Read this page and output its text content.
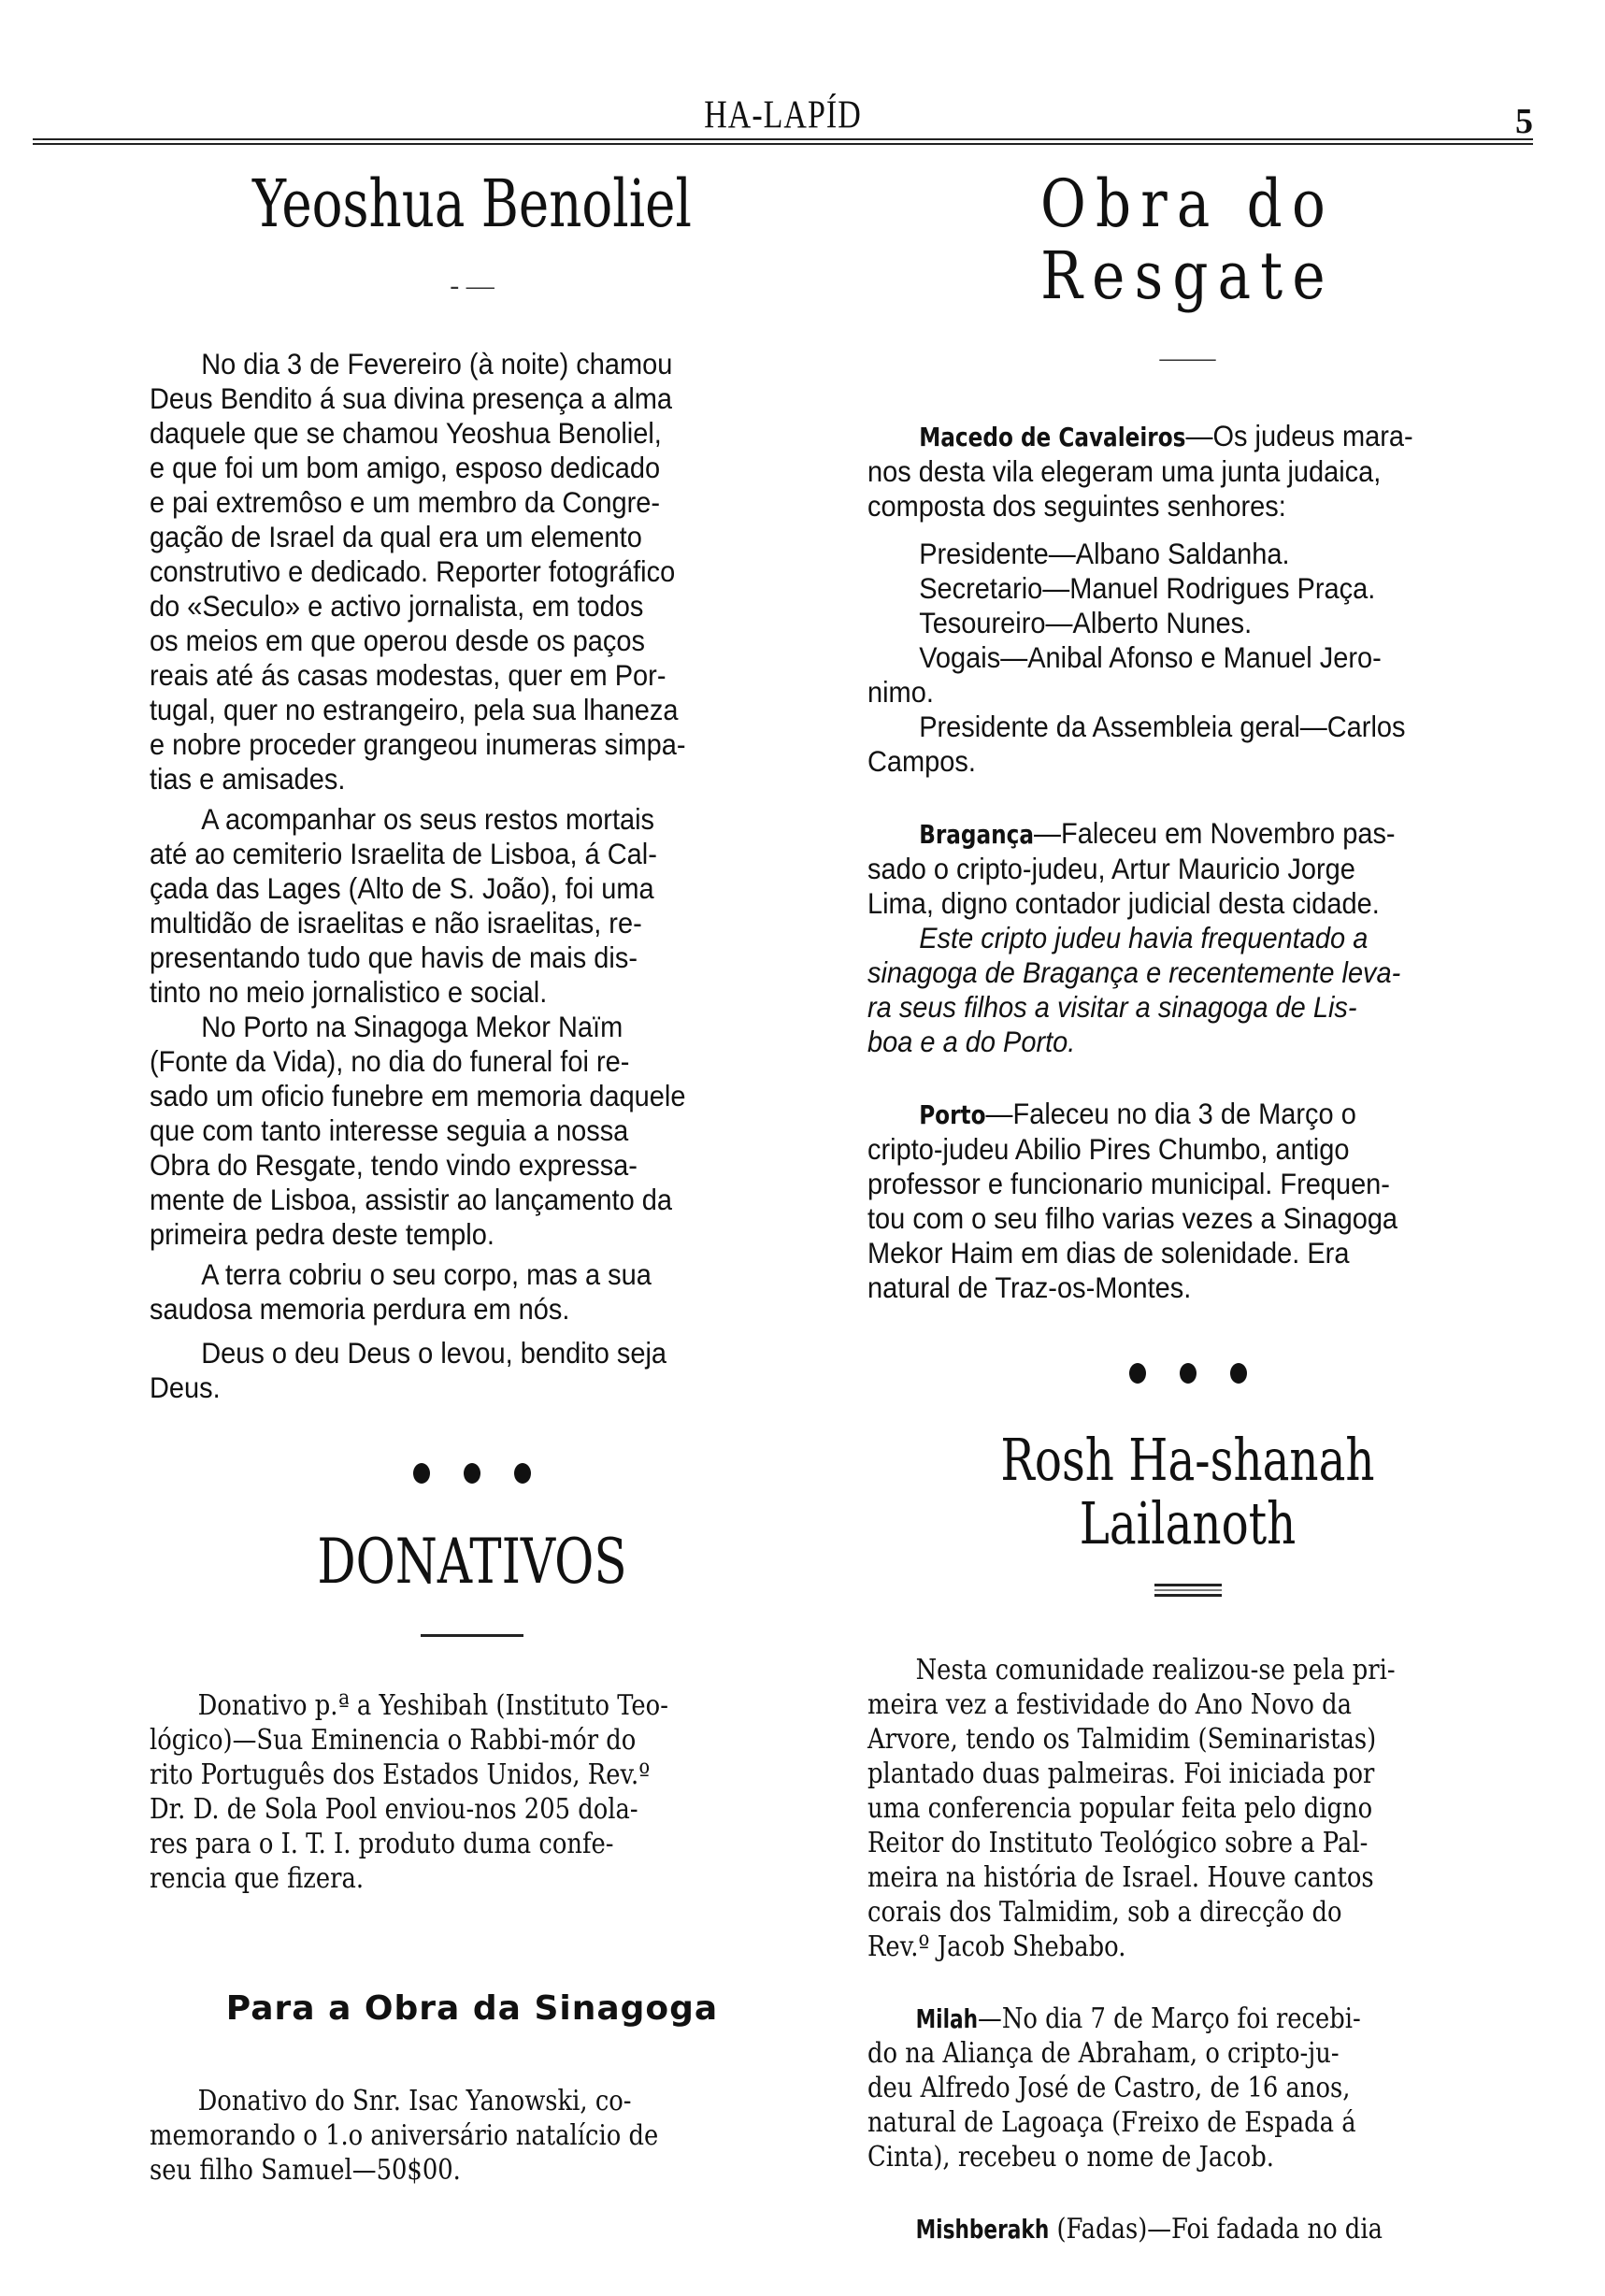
HA-LAPÍD	5
Yeoshua Benoliel
- —

No dia 3 de Fevereiro (à noite) chamou
Deus Bendito á sua divina presença a alma
daquele que se chamou Yeoshua Benoliel,
e que foi um bom amigo, esposo dedicado
e pai extremôso e um membro da Congre-
gação de Israel da qual era um elemento
construtivo e dedicado. Reporter fotográfico
do «Seculo» e activo jornalista, em todos
os meios em que operou desde os paços
reais até ás casas modestas, quer em Por-
tugal, quer no estrangeiro, pela sua lhaneza
e nobre proceder grangeou inumeras simpa-
tias e amisades.

A acompanhar os seus restos mortais
até ao cemiterio Israelita de Lisboa, á Cal-
çada das Lages (Alto de S. João), foi uma
multidão de israelitas e não israelitas, re-
presentando tudo que havis de mais dis-
tinto no meio jornalistico e social.

No Porto na Sinagoga Mekor Naïm
(Fonte da Vida), no dia do funeral foi re-
sado um oficio funebre em memoria daquele
que com tanto interesse seguia a nossa
Obra do Resgate, tendo vindo expressa-
mente de Lisboa, assistir ao lançamento da
primeira pedra deste templo.

A terra cobriu o seu corpo, mas a sua
saudosa memoria perdura em nós.

Deus o deu Deus o levou, bendito seja
Deus.

DONATIVOS

Donativo p.ª a Yeshibah (Instituto Teo-
lógico)—Sua Eminencia o Rabbi-mór do
rito Português dos Estados Unidos, Rev.º
Dr. D. de Sola Pool enviou-nos 205 dola-
res para o I. T. I. produto duma confe-
rencia que fizera.

Para a Obra da Sinagoga

Donativo do Snr. Isac Yanowski, co-
memorando o 1.o aniversário natalício de
seu filho Samuel—50$00.

Obra do Resgate
——

Macedo de Cavaleiros—Os judeus mara-
nos desta vila elegeram uma junta judaica,
composta dos seguintes senhores:

Presidente—Albano Saldanha.

Secretario—Manuel Rodrigues Praça.

Tesoureiro—Alberto Nunes.

Vogais—Anibal Afonso e Manuel Jero-

nimo.

Presidente da Assembleia geral—Carlos

Campos.

Bragança—Faleceu em Novembro pas-
sado o cripto-judeu, Artur Mauricio Jorge
Lima, digno contador judicial desta cidade.

Este cripto judeu havia frequentado a
sinagoga de Bragança e recentemente leva-
ra seus filhos a visitar a sinagoga de Lis-
boa e a do Porto.

Porto—Faleceu no dia 3 de Março o
cripto-judeu Abilio Pires Chumbo, antigo
professor e funcionario municipal. Frequen-
tou com o seu filho varias vezes a Sinagoga
Mekor Haim em dias de solenidade. Era
natural de Traz-os-Montes.

Rosh Ha-shanah
Lailanoth

Nesta comunidade realizou-se pela pri-
meira vez a festividade do Ano Novo da
Arvore, tendo os Talmidim (Seminaristas)
plantado duas palmeiras. Foi iniciada por
uma conferencia popular feita pelo digno
Reitor do Instituto Teológico sobre a Pal-
meira na história de Israel. Houve cantos
corais dos Talmidim, sob a direcção do
Rev.º Jacob Shebabo.

Milah—No dia 7 de Março foi recebi-
do na Aliança de Abraham, o cripto-ju-
deu Alfredo José de Castro, de 16 anos,
natural de Lagoaça (Freixo de Espada á
Cinta), recebeu o nome de Jacob.

Mishberakh (Fadas)—Foi fadada no dia
